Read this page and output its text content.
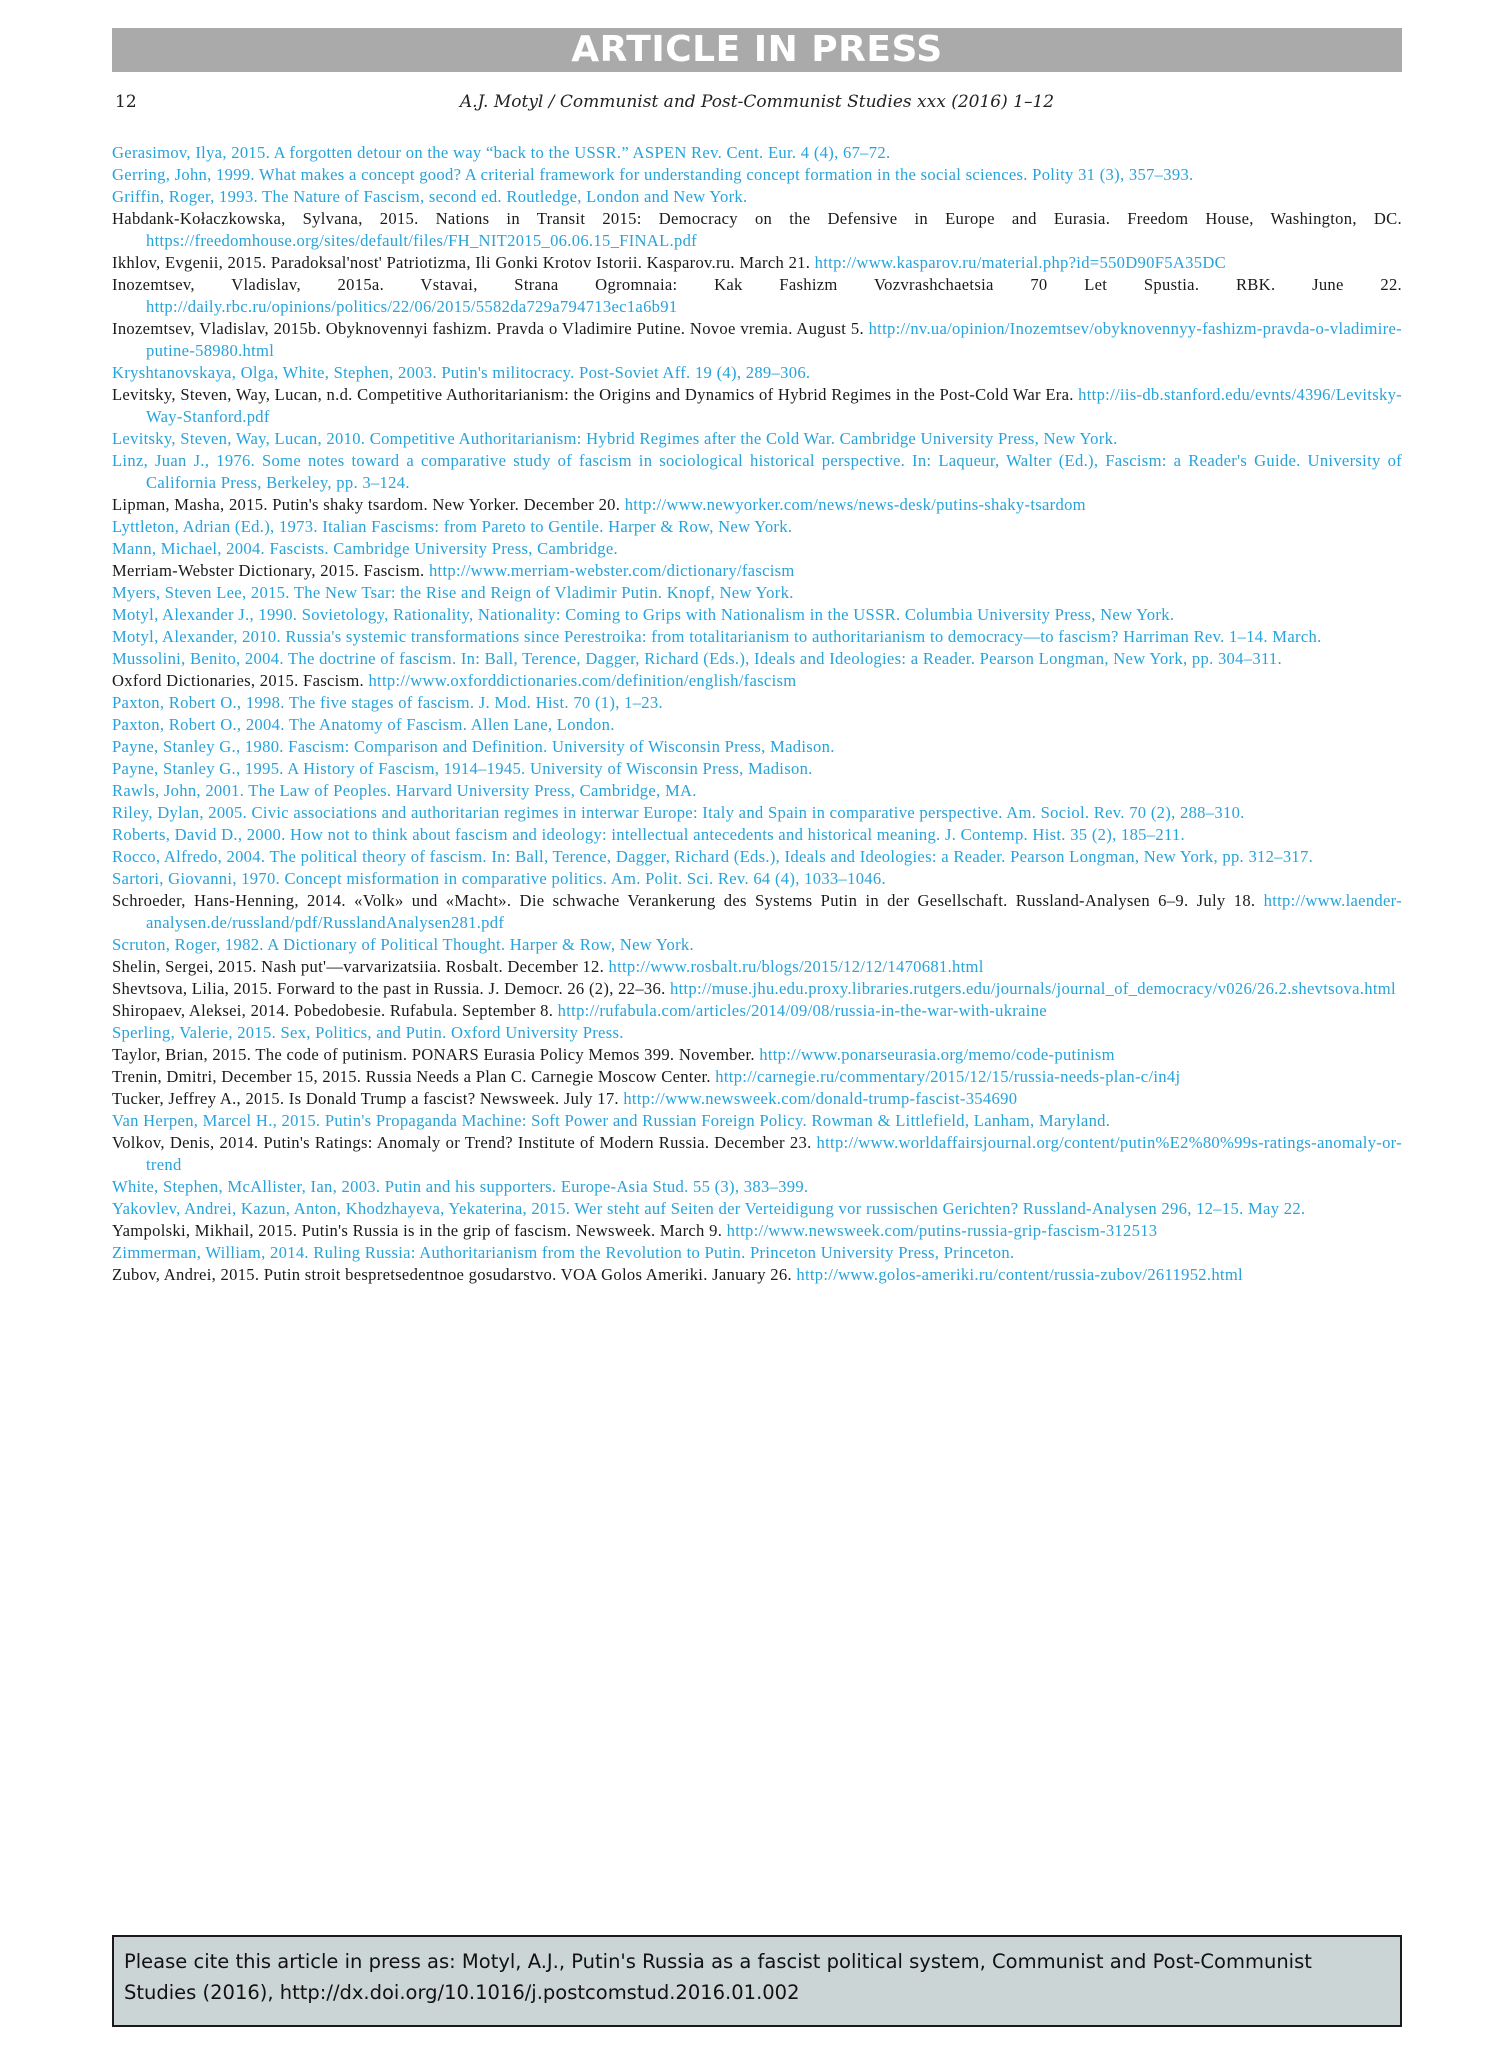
ARTICLE IN PRESS
12	A.J. Motyl / Communist and Post-Communist Studies xxx (2016) 1–12

Gerasimov, Ilya, 2015. A forgotten detour on the way “back to the USSR.” ASPEN Rev. Cent. Eur. 4 (4), 67–72.

Gerring, John, 1999. What makes a concept good? A criterial framework for understanding concept formation in the social sciences. Polity 31 (3), 357–393.

Griffin, Roger, 1993. The Nature of Fascism, second ed. Routledge, London and New York.

Habdank-Kołaczkowska, Sylvana, 2015. Nations in Transit 2015: Democracy on the Defensive in Europe and Eurasia. Freedom House, Washington, DC. https://freedomhouse.org/sites/default/files/FH_NIT2015_06.06.15_FINAL.pdf

Ikhlov, Evgenii, 2015. Paradoksal'nost' Patriotizma, Ili Gonki Krotov Istorii. Kasparov.ru. March 21. http://www.kasparov.ru/material.php?id=550D90F5A35DC

Inozemtsev, Vladislav, 2015a. Vstavai, Strana Ogromnaia: Kak Fashizm Vozvrashchaetsia 70 Let Spustia. RBK. June 22. http://daily.rbc.ru/opinions/politics/22/06/2015/5582da729a794713ec1a6b91

Inozemtsev, Vladislav, 2015b. Obyknovennyi fashizm. Pravda o Vladimire Putine. Novoe vremia. August 5. http://nv.ua/opinion/Inozemtsev/obyknovennyy-fashizm-pravda-o-vladimire-putine-58980.html

Kryshtanovskaya, Olga, White, Stephen, 2003. Putin's militocracy. Post-Soviet Aff. 19 (4), 289–306.

Levitsky, Steven, Way, Lucan, n.d. Competitive Authoritarianism: the Origins and Dynamics of Hybrid Regimes in the Post-Cold War Era. http://iis-db.stanford.edu/evnts/4396/Levitsky-Way-Stanford.pdf

Levitsky, Steven, Way, Lucan, 2010. Competitive Authoritarianism: Hybrid Regimes after the Cold War. Cambridge University Press, New York.

Linz, Juan J., 1976. Some notes toward a comparative study of fascism in sociological historical perspective. In: Laqueur, Walter (Ed.), Fascism: a Reader's Guide. University of California Press, Berkeley, pp. 3–124.

Lipman, Masha, 2015. Putin's shaky tsardom. New Yorker. December 20. http://www.newyorker.com/news/news-desk/putins-shaky-tsardom

Lyttleton, Adrian (Ed.), 1973. Italian Fascisms: from Pareto to Gentile. Harper & Row, New York.

Mann, Michael, 2004. Fascists. Cambridge University Press, Cambridge.

Merriam-Webster Dictionary, 2015. Fascism. http://www.merriam-webster.com/dictionary/fascism

Myers, Steven Lee, 2015. The New Tsar: the Rise and Reign of Vladimir Putin. Knopf, New York.

Motyl, Alexander J., 1990. Sovietology, Rationality, Nationality: Coming to Grips with Nationalism in the USSR. Columbia University Press, New York.

Motyl, Alexander, 2010. Russia's systemic transformations since Perestroika: from totalitarianism to authoritarianism to democracy—to fascism? Harriman Rev. 1–14. March.

Mussolini, Benito, 2004. The doctrine of fascism. In: Ball, Terence, Dagger, Richard (Eds.), Ideals and Ideologies: a Reader. Pearson Longman, New York, pp. 304–311.

Oxford Dictionaries, 2015. Fascism. http://www.oxforddictionaries.com/definition/english/fascism

Paxton, Robert O., 1998. The five stages of fascism. J. Mod. Hist. 70 (1), 1–23.

Paxton, Robert O., 2004. The Anatomy of Fascism. Allen Lane, London.

Payne, Stanley G., 1980. Fascism: Comparison and Definition. University of Wisconsin Press, Madison.

Payne, Stanley G., 1995. A History of Fascism, 1914–1945. University of Wisconsin Press, Madison.

Rawls, John, 2001. The Law of Peoples. Harvard University Press, Cambridge, MA.

Riley, Dylan, 2005. Civic associations and authoritarian regimes in interwar Europe: Italy and Spain in comparative perspective. Am. Sociol. Rev. 70 (2), 288–310.

Roberts, David D., 2000. How not to think about fascism and ideology: intellectual antecedents and historical meaning. J. Contemp. Hist. 35 (2), 185–211.

Rocco, Alfredo, 2004. The political theory of fascism. In: Ball, Terence, Dagger, Richard (Eds.), Ideals and Ideologies: a Reader. Pearson Longman, New York, pp. 312–317.

Sartori, Giovanni, 1970. Concept misformation in comparative politics. Am. Polit. Sci. Rev. 64 (4), 1033–1046.

Schroeder, Hans-Henning, 2014. «Volk» und «Macht». Die schwache Verankerung des Systems Putin in der Gesellschaft. Russland-Analysen 6–9. July 18. http://www.laender-analysen.de/russland/pdf/RusslandAnalysen281.pdf

Scruton, Roger, 1982. A Dictionary of Political Thought. Harper & Row, New York.

Shelin, Sergei, 2015. Nash put'—varvarizatsiia. Rosbalt. December 12. http://www.rosbalt.ru/blogs/2015/12/12/1470681.html

Shevtsova, Lilia, 2015. Forward to the past in Russia. J. Democr. 26 (2), 22–36. http://muse.jhu.edu.proxy.libraries.rutgers.edu/journals/journal_of_democracy/v026/26.2.shevtsova.html

Shiropaev, Aleksei, 2014. Pobedobesie. Rufabula. September 8. http://rufabula.com/articles/2014/09/08/russia-in-the-war-with-ukraine

Sperling, Valerie, 2015. Sex, Politics, and Putin. Oxford University Press.

Taylor, Brian, 2015. The code of putinism. PONARS Eurasia Policy Memos 399. November. http://www.ponarseurasia.org/memo/code-putinism

Trenin, Dmitri, December 15, 2015. Russia Needs a Plan C. Carnegie Moscow Center. http://carnegie.ru/commentary/2015/12/15/russia-needs-plan-c/in4j

Tucker, Jeffrey A., 2015. Is Donald Trump a fascist? Newsweek. July 17. http://www.newsweek.com/donald-trump-fascist-354690

Van Herpen, Marcel H., 2015. Putin's Propaganda Machine: Soft Power and Russian Foreign Policy. Rowman & Littlefield, Lanham, Maryland.

Volkov, Denis, 2014. Putin's Ratings: Anomaly or Trend? Institute of Modern Russia. December 23. http://www.worldaffairsjournal.org/content/putin%E2%80%99s-ratings-anomaly-or-trend

White, Stephen, McAllister, Ian, 2003. Putin and his supporters. Europe-Asia Stud. 55 (3), 383–399.

Yakovlev, Andrei, Kazun, Anton, Khodzhayeva, Yekaterina, 2015. Wer steht auf Seiten der Verteidigung vor russischen Gerichten? Russland-Analysen 296, 12–15. May 22.

Yampolski, Mikhail, 2015. Putin's Russia is in the grip of fascism. Newsweek. March 9. http://www.newsweek.com/putins-russia-grip-fascism-312513

Zimmerman, William, 2014. Ruling Russia: Authoritarianism from the Revolution to Putin. Princeton University Press, Princeton.

Zubov, Andrei, 2015. Putin stroit bespretsedentnoe gosudarstvo. VOA Golos Ameriki. January 26. http://www.golos-ameriki.ru/content/russia-zubov/2611952.html

Please cite this article in press as: Motyl, A.J., Putin's Russia as a fascist political system, Communist and Post-Communist Studies (2016), http://dx.doi.org/10.1016/j.postcomstud.2016.01.002
